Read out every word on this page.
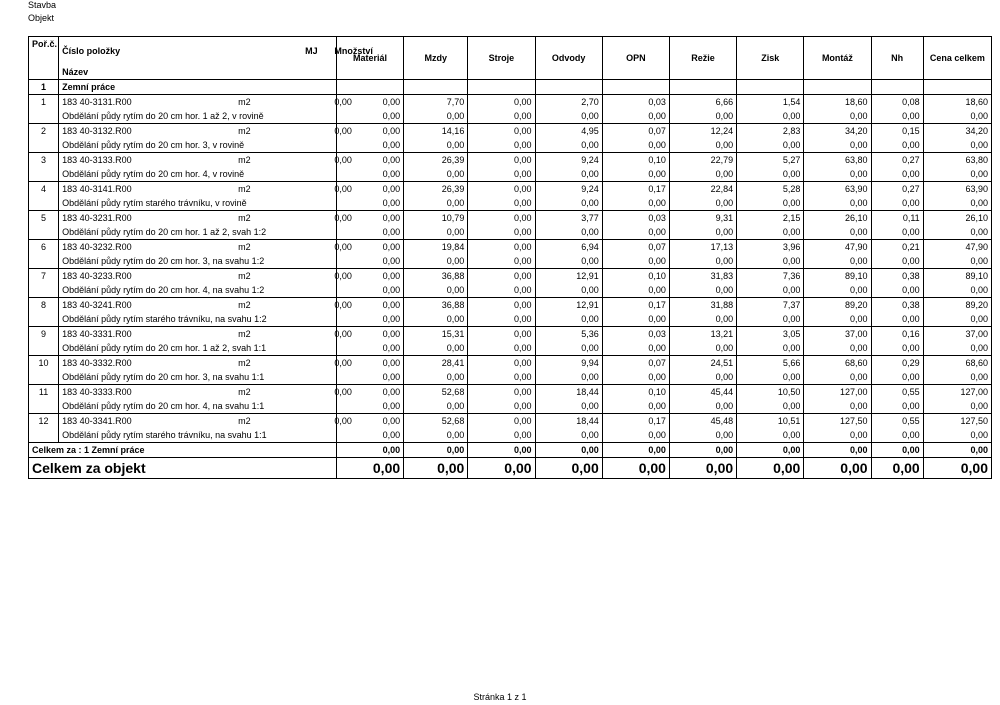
Stavba
Objekt
Poř.č.	Číslo položky	MJ	Množství	Materiál	Mzdy	Stroje	Odvody	OPN	Režie	Zisk	Montáž	Nh	Cena celkem
	Název												
1	Zemní práce												
1	183 40-3131.R00	m2	0,00	0,00	7,70	0,00	2,70	0,03	6,66	1,54	18,60	0,08	18,60
	Obdělání půdy rytím do 20 cm hor. 1 až 2, v rovině			0,00	0,00	0,00	0,00	0,00	0,00	0,00	0,00	0,00	0,00
2	183 40-3132.R00	m2	0,00	0,00	14,16	0,00	4,95	0,07	12,24	2,83	34,20	0,15	34,20
	Obdělání půdy rytím do 20 cm hor. 3, v rovině			0,00	0,00	0,00	0,00	0,00	0,00	0,00	0,00	0,00	0,00
3	183 40-3133.R00	m2	0,00	0,00	26,39	0,00	9,24	0,10	22,79	5,27	63,80	0,27	63,80
	Obdělání půdy rytím do 20 cm hor. 4, v rovině			0,00	0,00	0,00	0,00	0,00	0,00	0,00	0,00	0,00	0,00
4	183 40-3141.R00	m2	0,00	0,00	26,39	0,00	9,24	0,17	22,84	5,28	63,90	0,27	63,90
	Obdělání půdy rytím starého trávníku, v rovině			0,00	0,00	0,00	0,00	0,00	0,00	0,00	0,00	0,00	0,00
5	183 40-3231.R00	m2	0,00	0,00	10,79	0,00	3,77	0,03	9,31	2,15	26,10	0,11	26,10
	Obdělání půdy rytím do 20 cm hor. 1 až 2, svah 1:2			0,00	0,00	0,00	0,00	0,00	0,00	0,00	0,00	0,00	0,00
6	183 40-3232.R00	m2	0,00	0,00	19,84	0,00	6,94	0,07	17,13	3,96	47,90	0,21	47,90
	Obdělání půdy rytím do 20 cm hor. 3, na svahu 1:2			0,00	0,00	0,00	0,00	0,00	0,00	0,00	0,00	0,00	0,00
7	183 40-3233.R00	m2	0,00	0,00	36,88	0,00	12,91	0,10	31,83	7,36	89,10	0,38	89,10
	Obdělání půdy rytím do 20 cm hor. 4, na svahu 1:2			0,00	0,00	0,00	0,00	0,00	0,00	0,00	0,00	0,00	0,00
8	183 40-3241.R00	m2	0,00	0,00	36,88	0,00	12,91	0,17	31,88	7,37	89,20	0,38	89,20
	Obdělání půdy rytím starého trávníku, na svahu 1:2			0,00	0,00	0,00	0,00	0,00	0,00	0,00	0,00	0,00	0,00
9	183 40-3331.R00	m2	0,00	0,00	15,31	0,00	5,36	0,03	13,21	3,05	37,00	0,16	37,00
	Obdělání půdy rytím do 20 cm hor. 1 až 2, svah 1:1			0,00	0,00	0,00	0,00	0,00	0,00	0,00	0,00	0,00	0,00
10	183 40-3332.R00	m2	0,00	0,00	28,41	0,00	9,94	0,07	24,51	5,66	68,60	0,29	68,60
	Obdělání půdy rytím do 20 cm hor. 3, na svahu 1:1			0,00	0,00	0,00	0,00	0,00	0,00	0,00	0,00	0,00	0,00
11	183 40-3333.R00	m2	0,00	0,00	52,68	0,00	18,44	0,10	45,44	10,50	127,00	0,55	127,00
	Obdělání půdy rytím do 20 cm hor. 4, na svahu 1:1			0,00	0,00	0,00	0,00	0,00	0,00	0,00	0,00	0,00	0,00
12	183 40-3341.R00	m2	0,00	0,00	52,68	0,00	18,44	0,17	45,48	10,51	127,50	0,55	127,50
	Obdělání půdy rytím starého trávníku, na svahu 1:1			0,00	0,00	0,00	0,00	0,00	0,00	0,00	0,00	0,00	0,00
Celkem za : 1 Zemní práce				0,00	0,00	0,00	0,00	0,00	0,00	0,00	0,00	0,00	0,00
Celkem za objekt				0,00	0,00	0,00	0,00	0,00	0,00	0,00	0,00	0,00	0,00
Stránka 1 z 1
